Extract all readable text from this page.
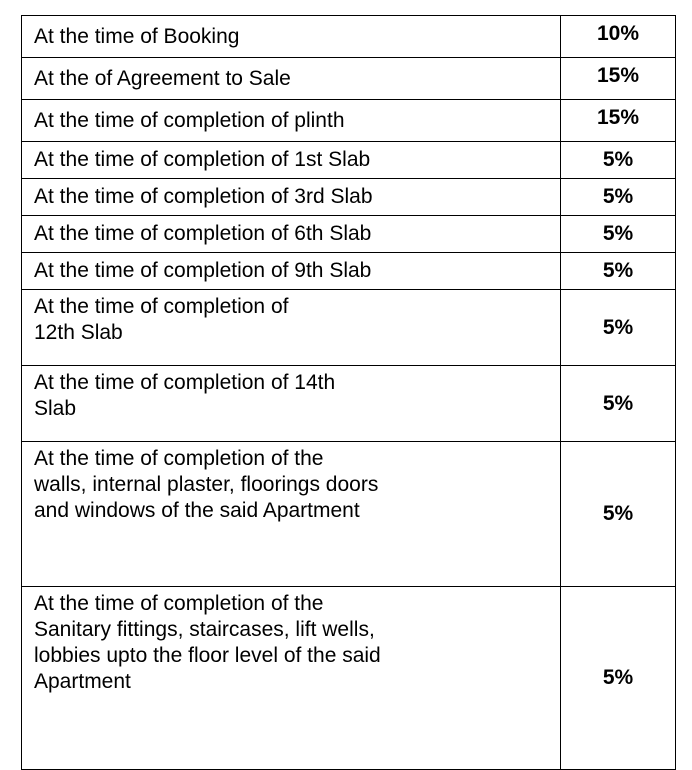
At the time of Booking	10%
At the of Agreement to Sale	15%
At the time of completion of plinth	15%
At the time of completion of 1st Slab	5%
At the time of completion of 3rd Slab	5%
At the time of completion of 6th Slab	5%
At the time of completion of 9th Slab	5%

At the time of completion of
12th Slab	5%

At the time of completion of 14th
Slab	5%

At the time of completion of the
walls, internal plaster, floorings doors
and windows of the said Apartment	5%

At the time of completion of the
Sanitary fittings, staircases, lift wells,
lobbies upto the floor level of the said
Apartment	5%
